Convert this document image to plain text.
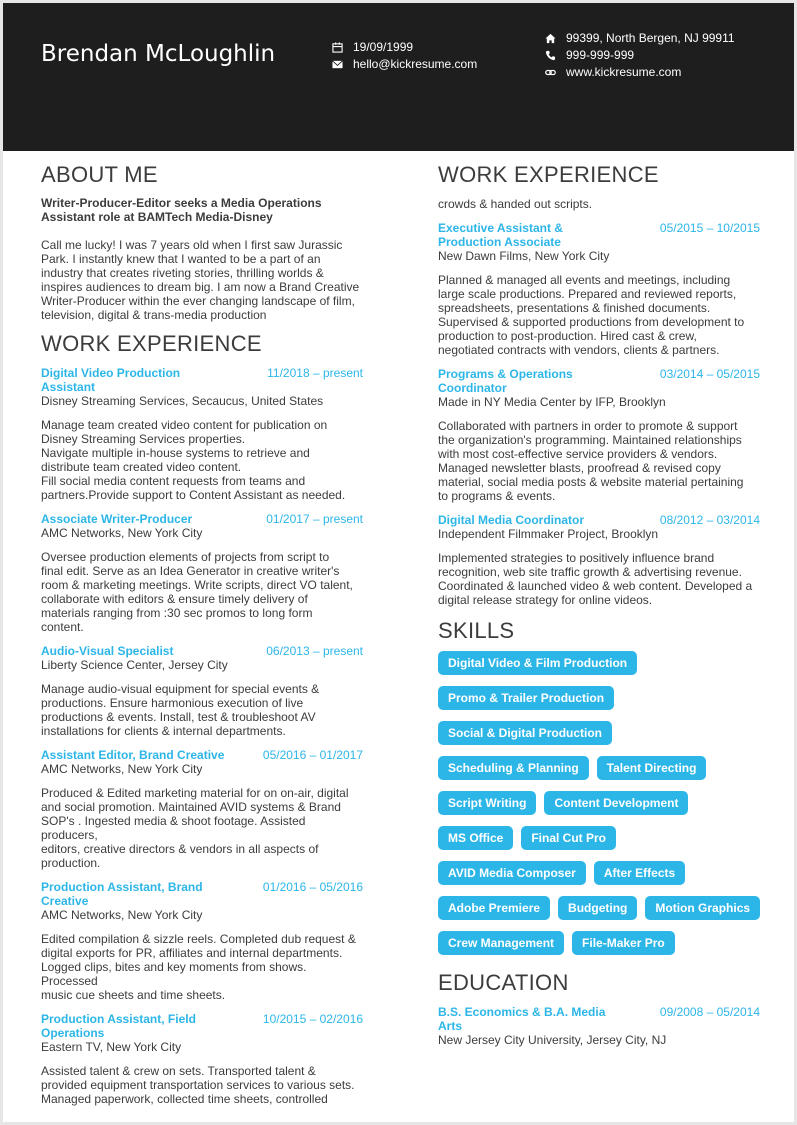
Brendan McLoughlin	19/09/1999
hello@kickresume.com
99399, North Bergen, NJ 99911
999-999-999
www.kickresume.com
ABOUT ME
Writer-Producer-Editor seeks a Media Operations
Assistant role at BAMTech Media-Disney
Call me lucky! I was 7 years old when I first saw Jurassic
Park. I instantly knew that I wanted to be a part of an
industry that creates riveting stories, thrilling worlds &
inspires audiences to dream big. I am now a Brand Creative
Writer-Producer within the ever changing landscape of film,
television, digital & trans-media production
WORK EXPERIENCE
Digital Video Production
Assistant
11/2018 – present
Disney Streaming Services, Secaucus, United States
Manage team created video content for publication on
Disney Streaming Services properties.
Navigate multiple in-house systems to retrieve and
distribute team created video content.
Fill social media content requests from teams and
partners.Provide support to Content Assistant as needed.
Associate Writer-Producer	01/2017 – present
AMC Networks, New York City
Oversee production elements of projects from script to
final edit. Serve as an Idea Generator in creative writer's
room & marketing meetings. Write scripts, direct VO talent,
collaborate with editors & ensure timely delivery of
materials ranging from :30 sec promos to long form
content.
Audio-Visual Specialist	06/2013 – present
Liberty Science Center, Jersey City
Manage audio-visual equipment for special events &
productions. Ensure harmonious execution of live
productions & events. Install, test & troubleshoot AV
installations for clients & internal departments.
Assistant Editor, Brand Creative	05/2016 – 01/2017
AMC Networks, New York City
Produced & Edited marketing material for on on-air, digital
and social promotion. Maintained AVID systems & Brand
SOP's . Ingested media & shoot footage. Assisted producers,
editors, creative directors & vendors in all aspects of
production.
Production Assistant, Brand
Creative
01/2016 – 05/2016
AMC Networks, New York City
Edited compilation & sizzle reels. Completed dub request &
digital exports for PR, affiliates and internal departments.
Logged clips, bites and key moments from shows. Processed
music cue sheets and time sheets.
Production Assistant, Field
Operations
10/2015 – 02/2016
Eastern TV, New York City
Assisted talent & crew on sets. Transported talent &
provided equipment transportation services to various sets.
Managed paperwork, collected time sheets, controlled
WORK EXPERIENCE
crowds & handed out scripts.
Executive Assistant &
Production Associate
05/2015 – 10/2015
New Dawn Films, New York City
Planned & managed all events and meetings, including
large scale productions. Prepared and reviewed reports,
spreadsheets, presentations & finished documents.
Supervised & supported productions from development to
production to post-production. Hired cast & crew,
negotiated contracts with vendors, clients & partners.
Programs & Operations
Coordinator
03/2014 – 05/2015
Made in NY Media Center by IFP, Brooklyn
Collaborated with partners in order to promote & support
the organization's programming. Maintained relationships
with most cost-effective service providers & vendors.
Managed newsletter blasts, proofread & revised copy
material, social media posts & website material pertaining
to programs & events.
Digital Media Coordinator	08/2012 – 03/2014
Independent Filmmaker Project, Brooklyn
Implemented strategies to positively influence brand
recognition, web site traffic growth & advertising revenue.
Coordinated & launched video & web content. Developed a
digital release strategy for online videos.
SKILLS
Digital Video & Film Production
Promo & Trailer Production
Social & Digital Production
Scheduling & Planning	Talent Directing
Script Writing	Content Development
MS Office	Final Cut Pro
AVID Media Composer	After Effects
Adobe Premiere	Budgeting	Motion Graphics
Crew Management	File-Maker Pro
EDUCATION
B.S. Economics & B.A. Media
Arts
09/2008 – 05/2014
New Jersey City University, Jersey City, NJ
